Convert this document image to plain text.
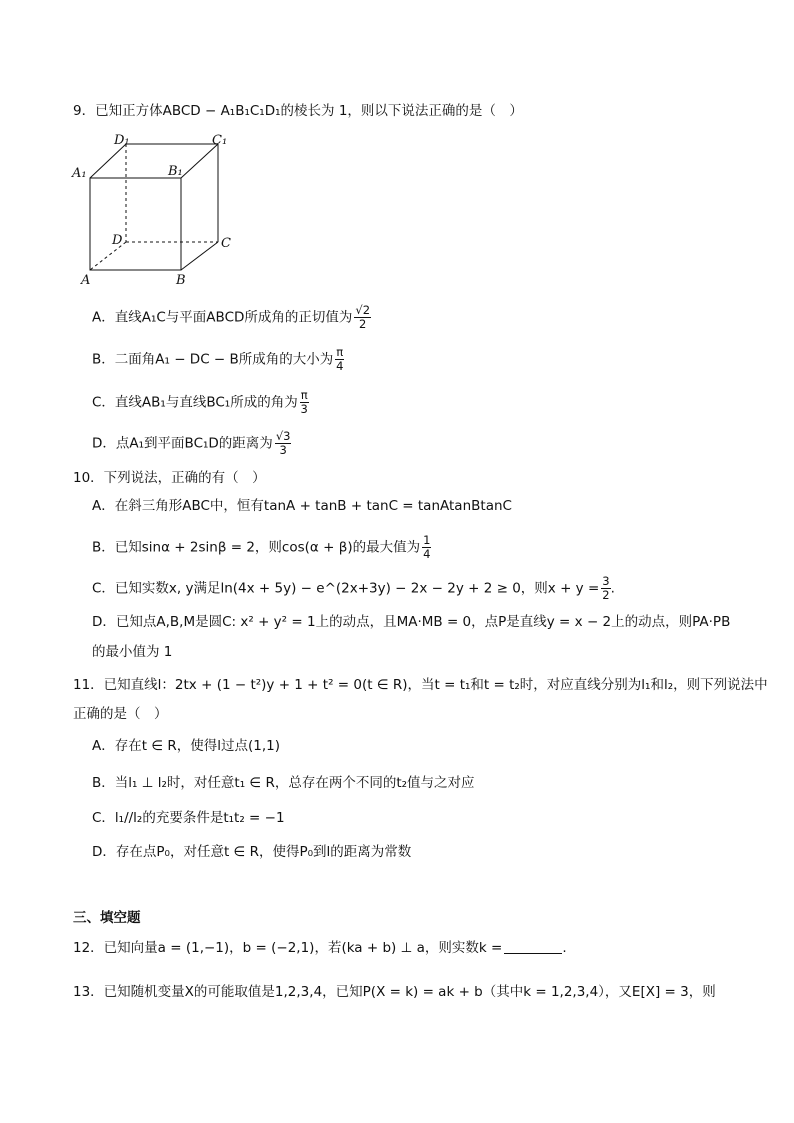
9．已知正方体ABCD − A₁B₁C₁D₁的棱长为 1，则以下说法正确的是（　）
D₁	C₁
A₁	B₁
D	C
A	B
A．直线A₁C与平面ABCD所成角的正切值为 $\frac{√2}{2}$
B．二面角A₁ − DC − B所成角的大小为 $\frac{\pi}{4}$
C．直线AB₁与直线BC₁所成的角为 $\frac{\pi}{3}$
D．点A₁到平面BC₁D的距离为 $\frac{√3}{3}$
10．下列说法，正确的有（　）
A．在斜三角形ABC中，恒有tanA + tanB + tanC = tanAtanBtanC
B．已知sinα + 2sinβ = 2，则cos(α + β)的最大值为 $\frac{1}{4}$
C．已知实数x, y满足ln(4x + 5y) − e^(2x+3y) − 2x − 2y + 2 ≥ 0，则$x + y = \frac{3}{2}$ .
D．已知点A,B,M是圆C: x² + y² = 1上的动点，且MA·MB = 0，点P是直线y = x − 2上的动点，则PA·PB
的最小值为 1
11．已知直线l：2tx + (1 − t²)y + 1 + t² = 0(t ∈ R)，当t = t₁和t = t₂时，对应直线分别为l₁和l₂，则下列说法中
正确的是（　）
A．存在t ∈ R，使得l过点(1,1)
B．当l₁ ⊥ l₂时，对任意t₁ ∈ R，总存在两个不同的t₂值与之对应
C．l₁//l₂的充要条件是t₁t₂ = −1
D．存在点P₀，对任意t ∈ R，使得P₀到l的距离为常数
三、填空题
12．已知向量a = (1,−1)，b = (−2,1)，若(ka + b) ⊥ a，则实数k =	.
13．已知随机变量X的可能取值是1,2,3,4，已知P(X = k) = ak + b（其中k = 1,2,3,4），又E[X] = 3，则
